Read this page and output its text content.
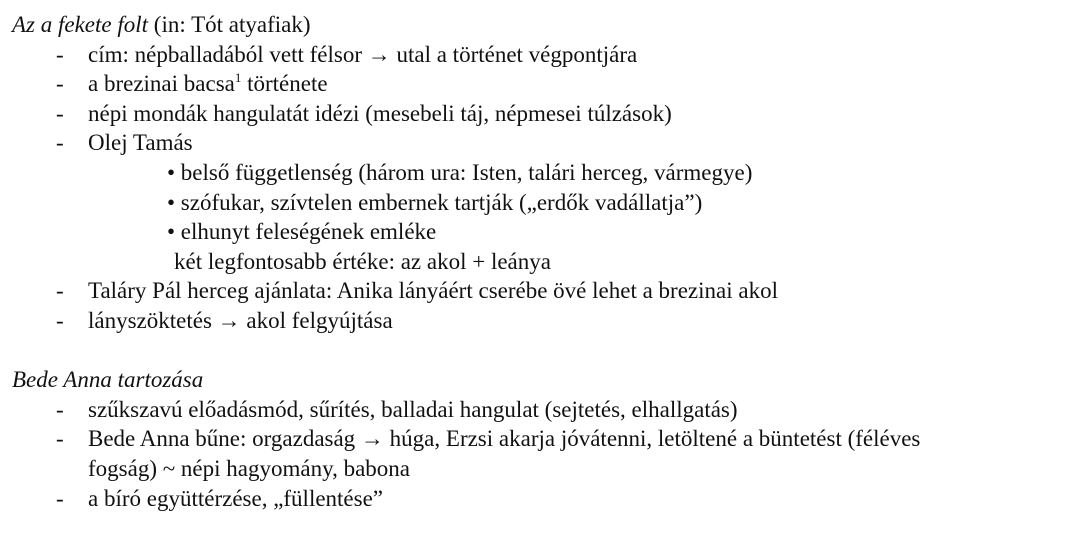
Az a fekete folt (in: Tót atyafiak)
- cím: népballadából vett félsor → utal a történet végpontjára
- a brezinai bacsa$^1$ története
- népi mondák hangulatát idézi (mesebeli táj, népmesei túlzások)
- Olej Tamás
• belső függetlenség (három ura: Isten, talári herceg, vármegye)
• szófukar, szívtelen embernek tartják („erdők vadállatja”)
• elhunyt feleségének emléke
két legfontosabb értéke: az akol + leánya
- Taláry Pál herceg ajánlata: Anika lányáért cserébe övé lehet a brezinai akol
- lányszöktetés → akol felgyújtása
Bede Anna tartozása
- szűkszavú előadásmód, sűrítés, balladai hangulat (sejtetés, elhallgatás)
- Bede Anna bűne: orgazdaság → húga, Erzsi akarja jóvátenni, letöltené a büntetést (féléves
fogság) ~ népi hagyomány, babona
- a bíró együttérzése, „füllentése”
